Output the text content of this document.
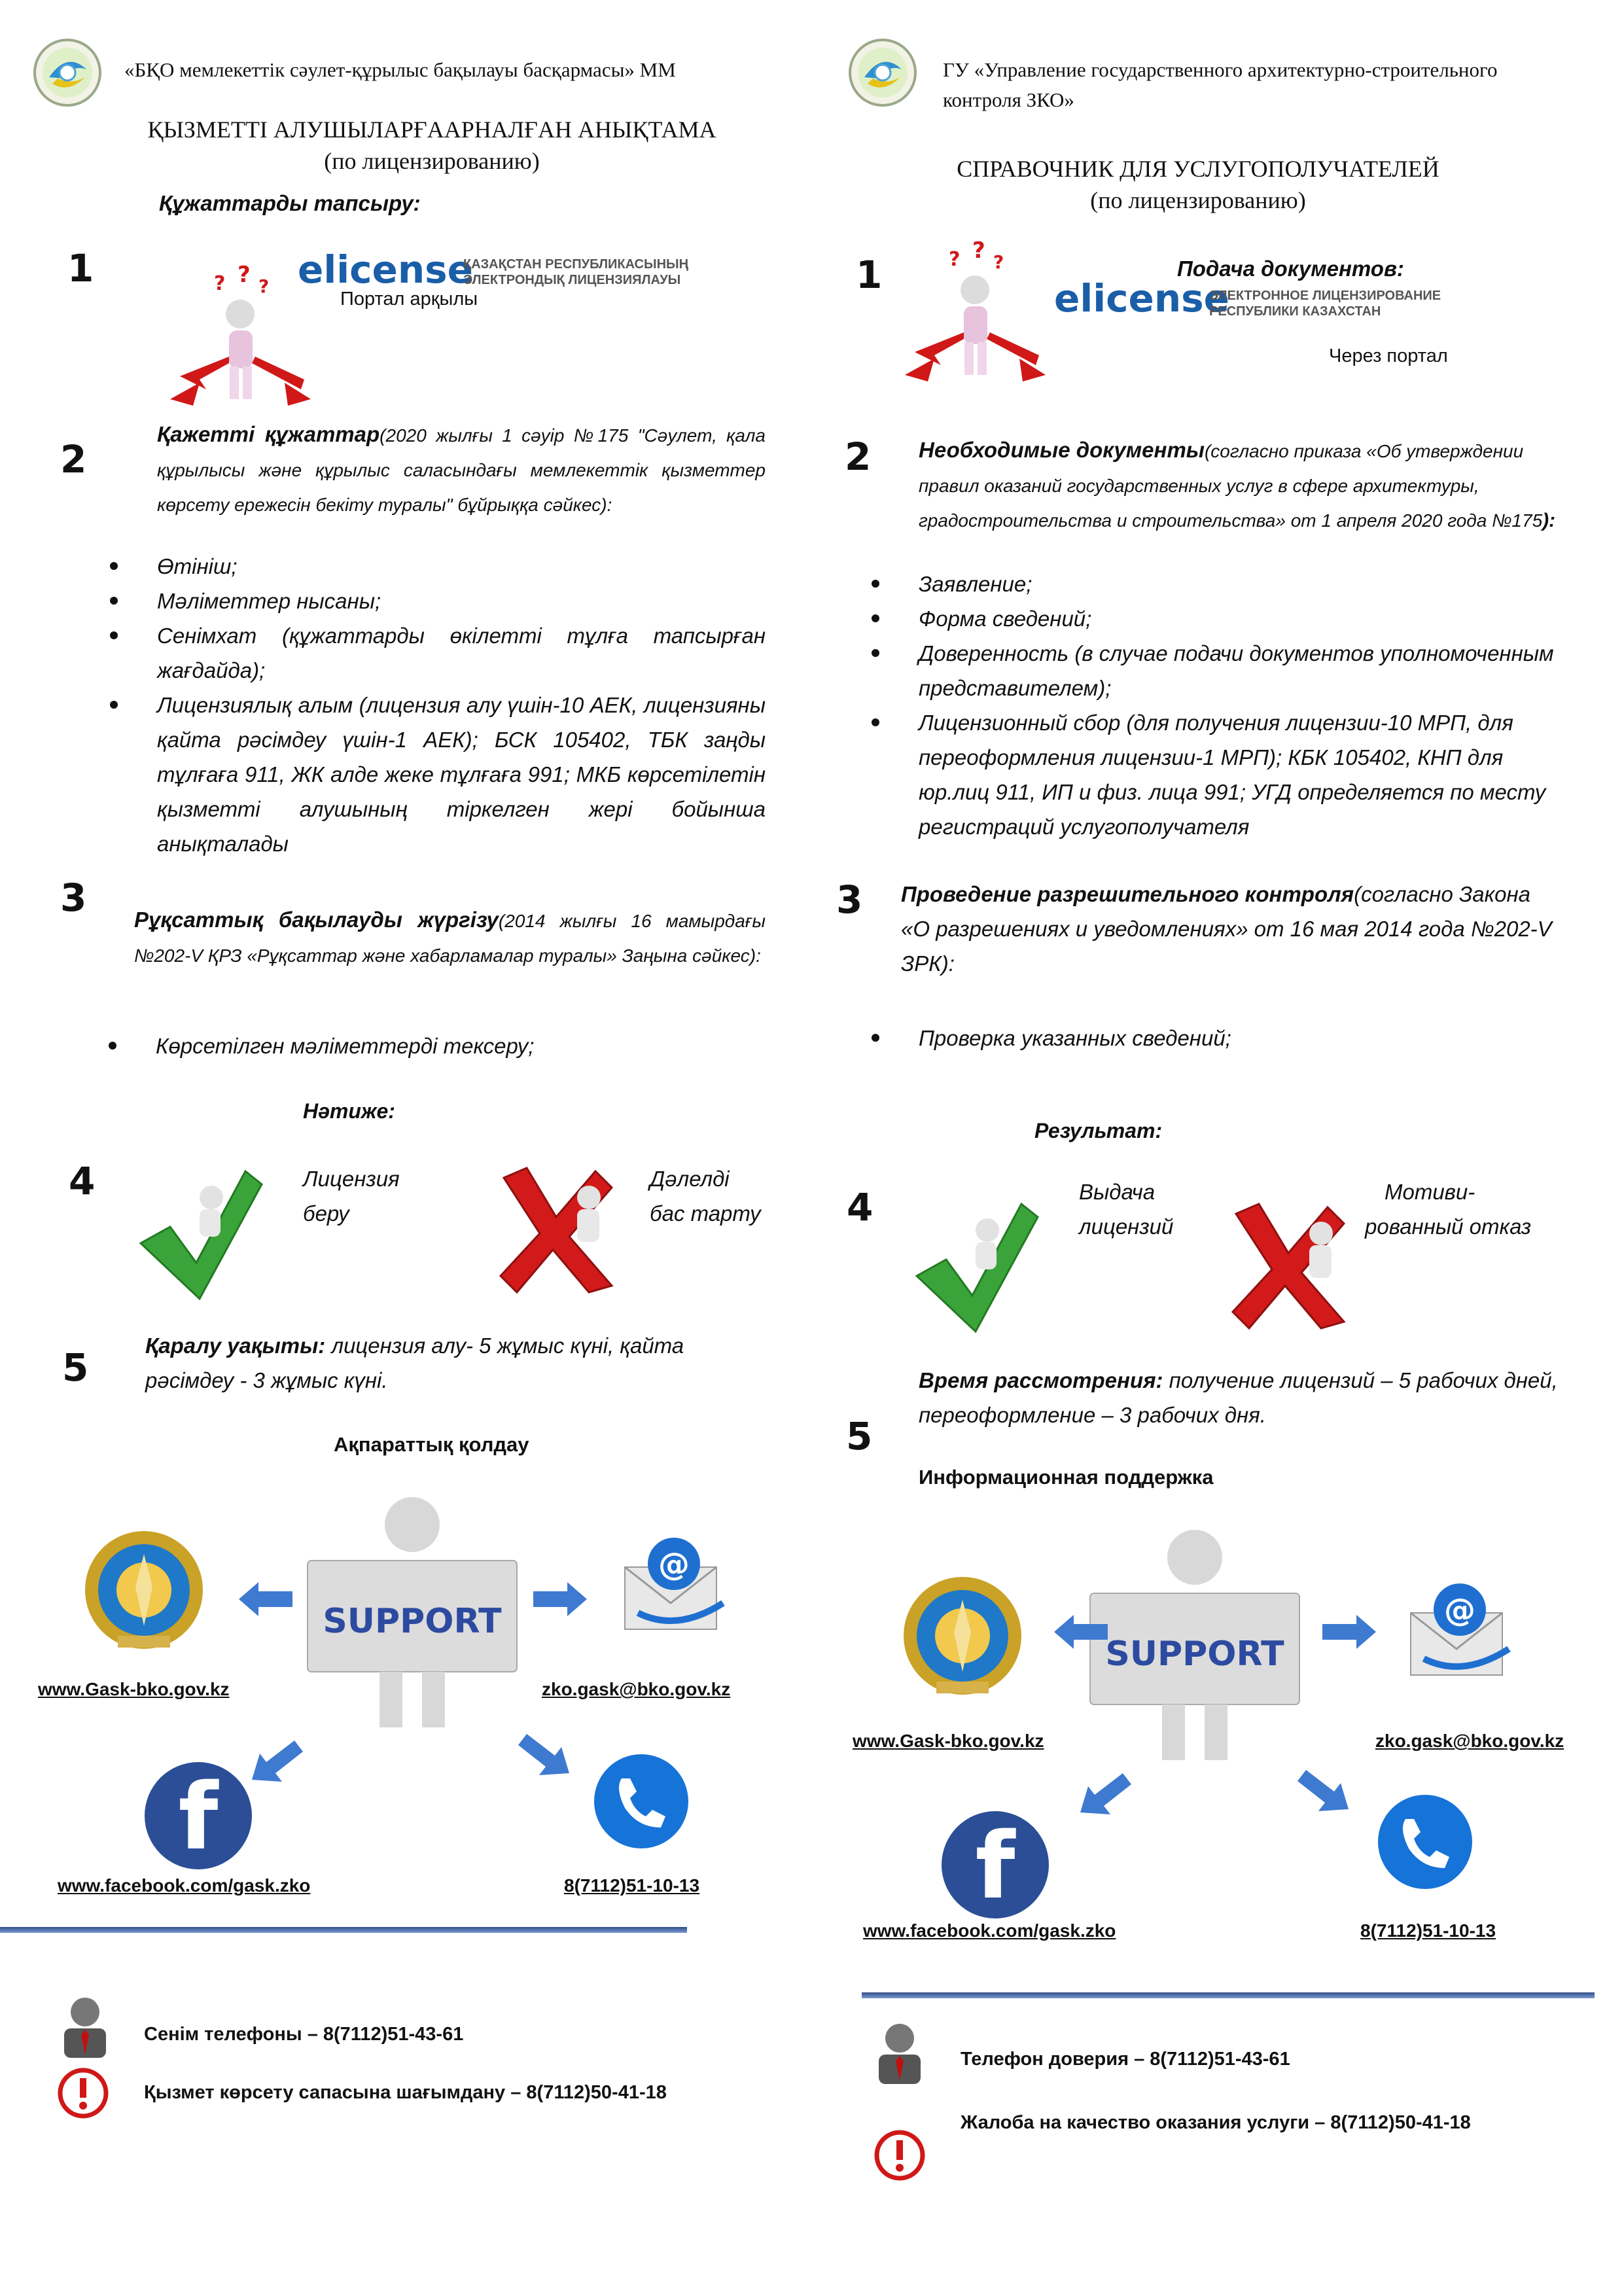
«БҚО мемлекеттік сәулет-құрылыс бақылауы басқармасы» ММ
ҚЫЗМЕТТІ АЛУШЫЛАРҒААРНАЛҒАН АНЫҚТАМА
(по лицензированию)
Құжаттарды тапсыру:
1	? ? ? elicense
ҚАЗАҚСТАН РЕСПУБЛИКАСЫНЫҢ
ЭЛЕКТРОНДЫҚ ЛИЦЕНЗИЯЛАУЫ
Портал арқылы
2
Қажетті құжаттар(2020 жылғы 1 сәуір №175 "Сәулет, қала құрылысы және құрылыс саласындағы мемлекеттік қызметтер көрсету ережесін бекіту туралы" бұйрыққа сәйкес):
Өтініш;
Мәліметтер нысаны;
Сенімхат (құжаттарды өкілетті тұлға тапсырған жағдайда);
Лицензиялық алым (лицензия алу үшін-10 АЕК, лицензияны қайта рәсімдеу үшін-1 АЕК); БСК 105402, ТБК заңды тұлғаға 911, ЖК алде жеке тұлғаға 991; МКБ көрсетілетін қызметті алушының тіркелген жері бойынша анықталады
3 Рұқсаттық бақылауды жүргізу(2014 жылғы 16 мамырдағы №202-V ҚРЗ «Рұқсаттар және хабарламалар туралы» Заңына сәйкес):
Көрсетілген мәліметтерді тексеру;
Нәтиже:
4	Лицензия
беру
Дәлелді
бас тарту
5	Қаралу уақыты: лицензия алу- 5 жұмыс күні, қайта рәсімдеу - 3 жұмыс күні.
Ақпараттық қолдау
SUPPORT
@
www.Gask-bko.gov.kz	zko.gask@bko.gov.kz
f
www.facebook.com/gask.zko	8(7112)51-10-13
Сенім телефоны – 8(7112)51-43-61
Қызмет көрсету сапасына шағымдану – 8(7112)50-41-18
ГУ «Управление государственного архитектурно-строительного
контроля ЗКО»
СПРАВОЧНИК ДЛЯ УСЛУГОПОЛУЧАТЕЛЕЙ
(по лицензированию)
1	? ? ?	Подача документов:
elicense
ЭЛЕКТРОННОЕ ЛИЦЕНЗИРОВАНИЕ
РЕСПУБЛИКИ КАЗАХСТАН
Через портал
2 Необходимые документы(согласно приказа «Об утверждении правил оказаний государственных услуг в сфере архитектуры, градостроительства и строительства» от 1 апреля 2020 года №175):
Заявление;
Форма сведений;
Доверенность (в случае подачи документов уполномоченным представителем);
Лицензионный сбор (для получения лицензии-10 МРП, для переоформления лицензии-1 МРП); КБК 105402, КНП для юр.лиц 911, ИП и физ. лица 991; УГД определяется по месту регистраций услугополучателя
3 Проведение разрешительного контроля(согласно Закона «О разрешениях и уведомлениях» от 16 мая 2014 года №202-V ЗРК):
Проверка указанных сведений;
Результат:
4	Выдача
лицензий
Мотиви-
рованный отказ
Время рассмотрения: получение лицензий – 5 рабочих дней, переоформление – 3 рабочих дня.
5
Информационная поддержка
SUPPORT
@
www.Gask-bko.gov.kz	zko.gask@bko.gov.kz
f
www.facebook.com/gask.zko	8(7112)51-10-13
Телефон доверия – 8(7112)51-43-61
Жалоба на качество оказания услуги – 8(7112)50-41-18
